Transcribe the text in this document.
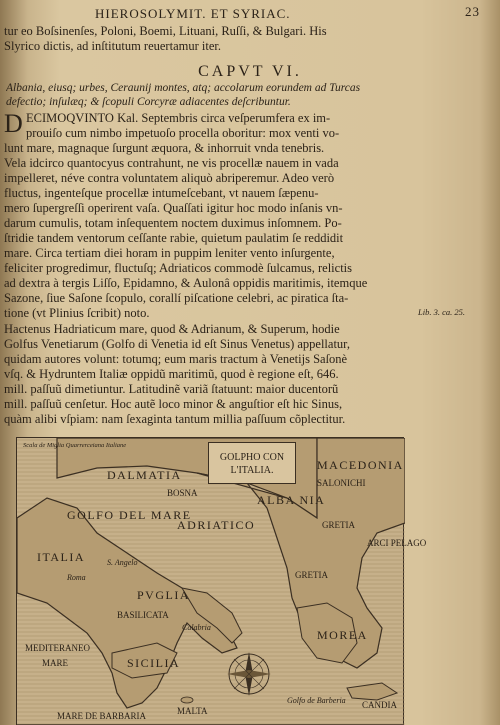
HIEROSOLYMIT. ET SYRIAC.	23
tur eo Boſsinenſes, Poloni, Boemi, Lituani, Ruſſi, & Bulgari. His
Slyrico dictis, ad inſtitutum reuertamur iter.
CAPVT VI.
Albania, eiusq; urbes, Ceraunij montes, atq; accolarum eorundem ad Turcas
defectio; inſulæq; & ſcopuli Corcyræ adiacentes deſcribuntur.
D ECIMOQVINTO Kal. Septembris circa veſperumfera ex im-
prouiſo cum nimbo impetuoſo procella oboritur: mox venti vo-
lunt mare, magnaque ſurgunt æquora, & inhorruit vnda tenebris.
Vela idcirco quantocyus contrahunt, ne vis procellæ nauem in vada
impelleret, néve contra voluntatem aliquò abriperemur. Adeo verò
fluctus, ingenteſque procellæ intumeſcebant, vt nauem ſæpenu-
mero ſupergreſſi operirent vaſa. Quaſſati igitur hoc modo inſanis vn-
darum cumulis, totam inſequentem noctem duximus inſomnem. Po-
ſtridie tandem ventorum ceſſante rabie, quietum paulatim ſe reddidit
mare. Circa tertiam diei horam in puppim leniter vento inſurgente,
feliciter progredimur, fluctuſq; Adriaticos commodè ſulcamus, relictis
ad dextra à tergis Liſſo, Epidamno, & Aulonâ oppidis maritimis, itemque
Sazone, ſiue Saſone ſcopulo, corallí piſcatione celebri, ac piratica ſta-
tione (vt Plinius ſcribit) noto.	Lib. 3. ca. 25.
Hactenus Hadriaticum mare, quod & Adrianum, & Superum, hodie
Golfus Venetiarum (Golfo di Venetia id eſt Sinus Venetus) appellatur,
quidam autores volunt: totumq; eum maris tractum à Venetijs Saſonè
vſq. & Hydruntem Italiæ oppidũ maritimũ, quod è regione eſt, 646.
mill. paſſuũ dimetiuntur. Latitudinẽ variã ſtatuunt: maior ducentorũ
mill. paſſuũ cenſetur. Hoc autẽ loco minor & anguſtior eſt hic Sinus,
quàm alibi vſpiam: nam ſexaginta tantum millia paſſuum cõplectitur.
Scala de Miglia Quarrerceiana Italiane
GOLPHO CON L'ITALIA.
DALMATIA
BOSNA
GOLFO DEL MARE
ADRIATICO
ITALIA
Roma
S. Angelo
PVGLIA
BASILICATA
Calabria
MEDITERANEO
MARE	SICILIA
MALTA
MARE DE BARBARIA
ALBA NIA
MACEDONIA
SALONICHI
GRETIA
GRETIA
ARCI PELAGO
MOREA
CANDIA
Golfo de Barberia
